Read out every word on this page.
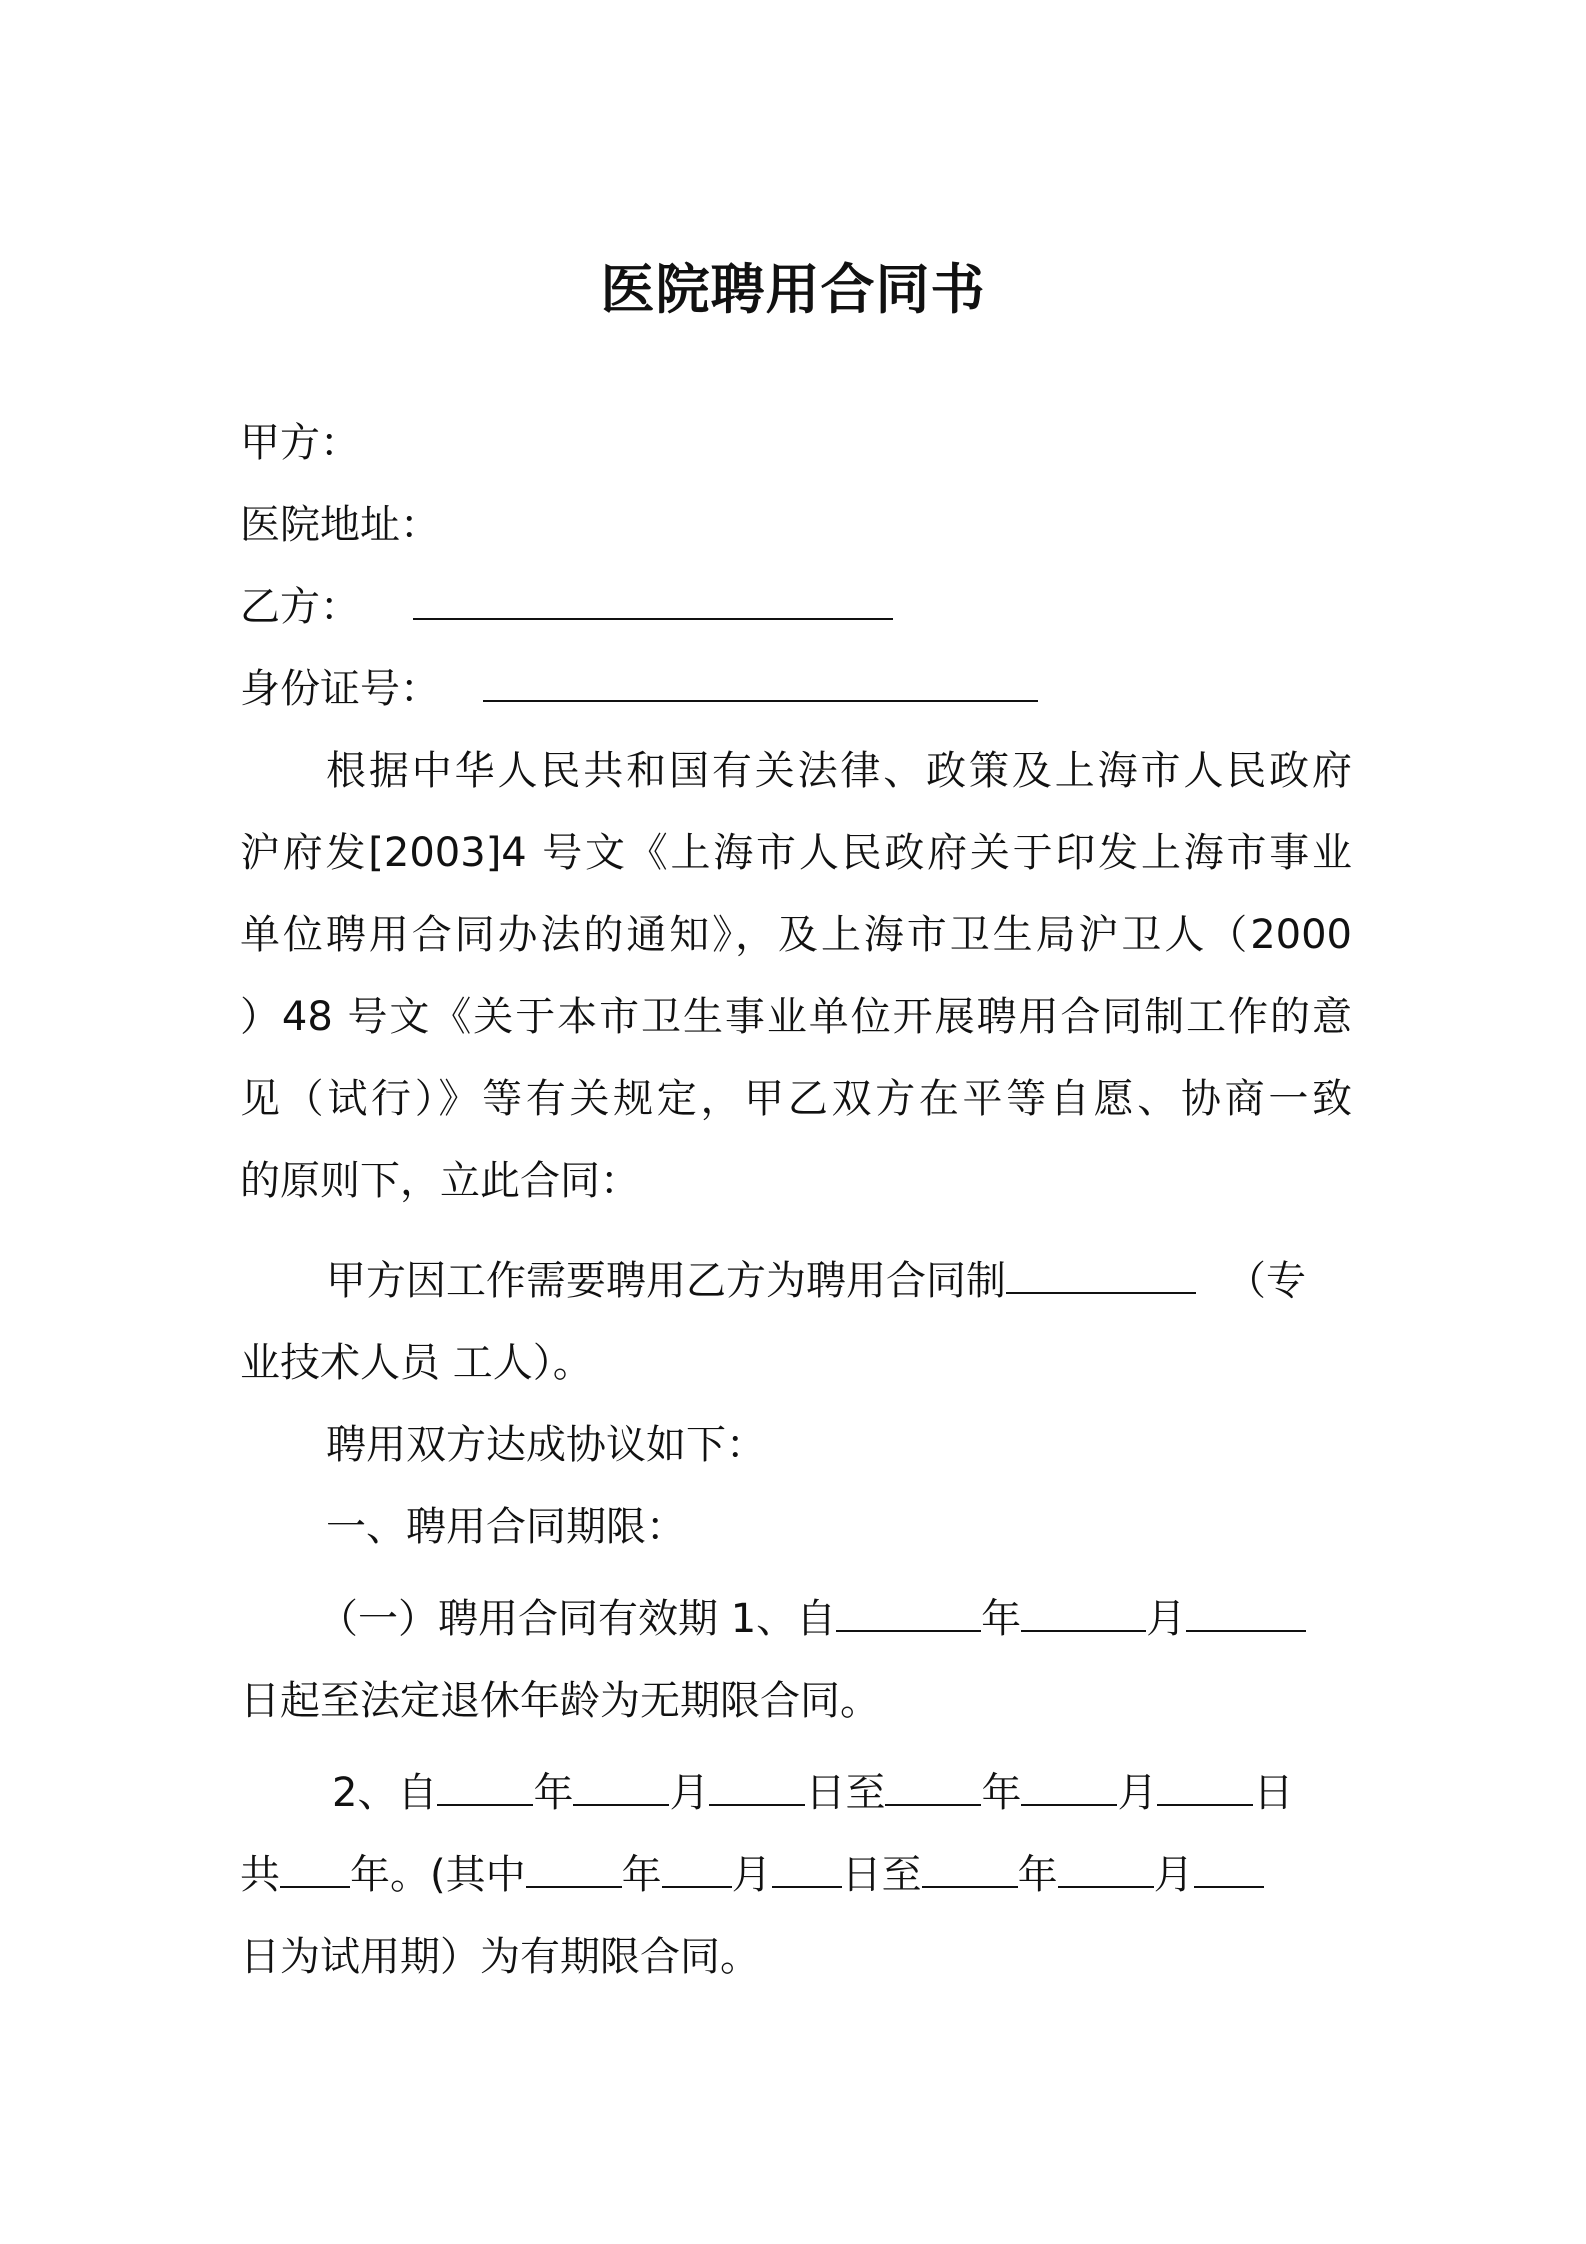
医院聘用合同书
甲方：
医院地址：
乙方：
身份证号：
根据中华人民共和国有关法律、政策及上海市人民政府
沪府发[2003]4 号文《上海市人民政府关于印发上海市事业
单位聘用合同办法的通知》，及上海市卫生局沪卫人（2000
）48 号文《关于本市卫生事业单位开展聘用合同制工作的意
见（试行）》等有关规定，甲乙双方在平等自愿、协商一致
的原则下，立此合同：
甲方因工作需要聘用乙方为聘用合同制	（专
业技术人员 工人）。
聘用双方达成协议如下：
一、聘用合同期限：
（一）聘用合同有效期 1、自	年	月
日起至法定退休年龄为无期限合同。
2、自 年 月 日至 年 月 日
共 年。(其中 年 月 日至 年 月
日为试用期）为有期限合同。
